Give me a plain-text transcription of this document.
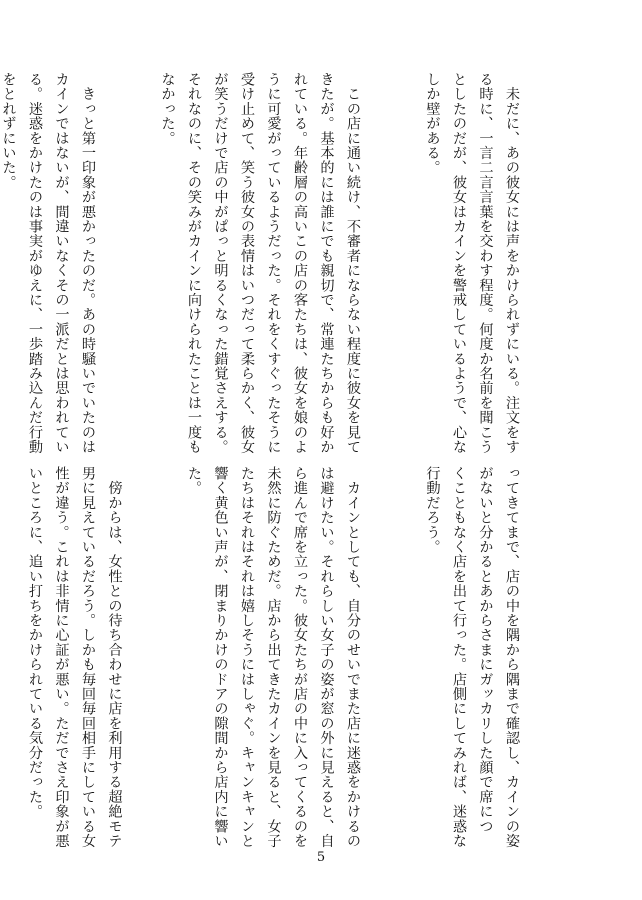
　未だに、あの彼女には声をかけられずにいる。注文をす
る時に、一言二言言葉を交わす程度。何度か名前を聞こう
としたのだが、彼女はカインを警戒しているようで、心な
しか壁がある。

　この店に通い続け、不審者にならない程度に彼女を見て
きたが。基本的には誰にでも親切で、常連たちからも好か
れている。年齢層の高いこの店の客たちは、彼女を娘のよ
うに可愛がっているようだった。それをくすぐったそうに
受け止めて、笑う彼女の表情はいつだって柔らかく、彼女
が笑うだけで店の中がぱっと明るくなった錯覚さえする。
それなのに、その笑みがカインに向けられたことは一度も
なかった。

　きっと第一印象が悪かったのだ。あの時騒いでいたのは
カインではないが、間違いなくその一派だとは思われてい
る。迷惑をかけたのは事実がゆえに、一歩踏み込んだ行動
をとれずにいた。

ってきてまで、店の中を隅から隅まで確認し、カインの姿
がないと分かるとあからさまにガッカリした顔で席につ
くこともなく店を出て行った。店側にしてみれば、迷惑な
行動だろう。

　カインとしても、自分のせいでまた店に迷惑をかけるの
は避けたい。それらしい女子の姿が窓の外に見えると、自
ら進んで席を立った。彼女たちが店の中に入ってくるのを
未然に防ぐためだ。店から出てきたカインを見ると、女子
たちはそれはそれは嬉しそうにはしゃぐ。キャンキャンと
響く黄色い声が、閉まりかけのドアの隙間から店内に響い
た。

　傍からは、女性との待ち合わせに店を利用する超絶モテ
男に見えているだろう。しかも毎回毎回相手にしている女
性が違う。これは非情に心証が悪い。ただでさえ印象が悪
いところに、追い打ちをかけられている気分だった。

5
